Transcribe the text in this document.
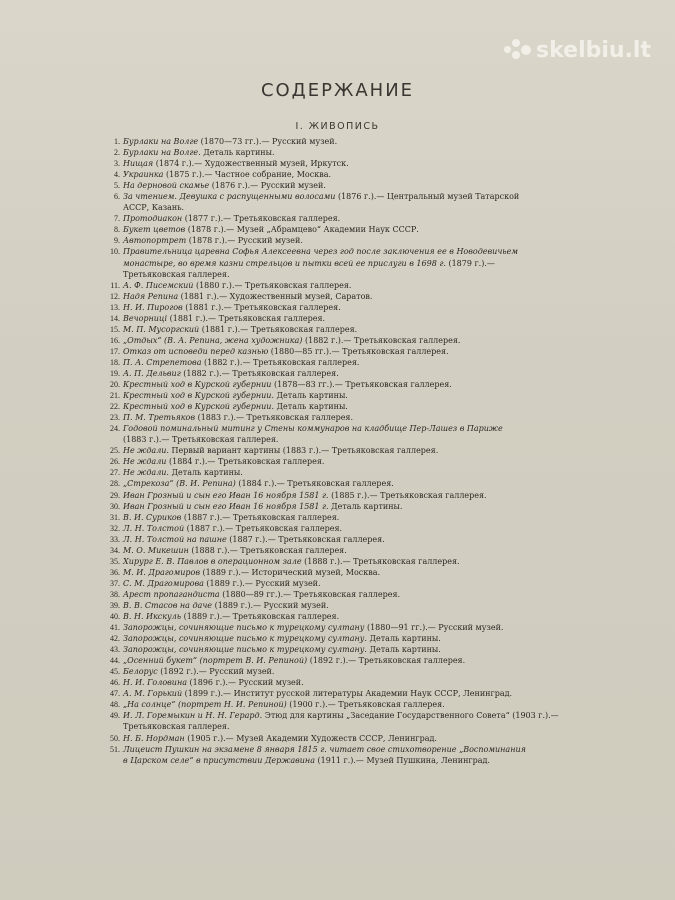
skelbiu.lt
СОДЕРЖАНИЕ
I. ЖИВОПИСЬ
1. Бурлаки на Волге (1870—73 гг.).— Русский музей.
2. Бурлаки на Волге. Деталь картины.
3. Нищая (1874 г.).— Художественный музей, Иркутск.
4. Украинка (1875 г.).— Частное собрание, Москва.
5. На дерновой скамье (1876 г.).— Русский музей.
6. За чтением. Девушка с распущенными волосами (1876 г.).— Центральный музей Татарской
АССР, Казань.
7. Протодиакон (1877 г.).— Третьяковская галлерея.
8. Букет цветов (1878 г.).— Музей „Абрамцево“ Академии Наук СССР.
9. Автопортрет (1878 г.).— Русский музей.
10. Правительница царевна Софья Алексеевна через год после заключения ее в Новодевичьем
монастыре, во время казни стрельцов и пытки всей ее прислуги в 1698 г. (1879 г.).—
Третьяковская галлерея.
11. А. Ф. Писемский (1880 г.).— Третьяковская галлерея.
12. Надя Репина (1881 г.).— Художественный музей, Саратов.
13. Н. И. Пирогов (1881 г.).— Третьяковская галлерея.
14. Вечорниці (1881 г.).— Третьяковская галлерея.
15. М. П. Мусоргский (1881 г.).— Третьяковская галлерея.
16. „Отдых“ (В. А. Репина, жена художника) (1882 г.).— Третьяковская галлерея.
17. Отказ от исповеди перед казнью (1880—85 гг.).— Третьяковская галлерея.
18. П. А. Стрепетова (1882 г.).— Третьяковская галлерея.
19. А. П. Дельвиг (1882 г.).— Третьяковская галлерея.
20. Крестный ход в Курской губернии (1878—83 гг.).— Третьяковская галлерея.
21. Крестный ход в Курской губернии. Деталь картины.
22. Крестный ход в Курской губернии. Деталь картины.
23. П. М. Третьяков (1883 г.).— Третьяковская галлерея.
24. Годовой поминальный митинг у Стены коммунаров на кладбище Пер-Лашез в Париже
(1883 г.).— Третьяковская галлерея.
25. Не ждали. Первый вариант картины (1883 г.).— Третьяковская галлерея.
26. Не ждали (1884 г.).— Третьяковская галлерея.
27. Не ждали. Деталь картины.
28. „Стрекоза“ (В. И. Репина) (1884 г.).— Третьяковская галлерея.
29. Иван Грозный и сын его Иван 16 ноября 1581 г. (1885 г.).— Третьяковская галлерея.
30. Иван Грозный и сын его Иван 16 ноября 1581 г. Деталь картины.
31. В. И. Суриков (1887 г.).— Третьяковская галлерея.
32. Л. Н. Толстой (1887 г.).— Третьяковская галлерея.
33. Л. Н. Толстой на пашне (1887 г.).— Третьяковская галлерея.
34. М. О. Микешин (1888 г.).— Третьяковская галлерея.
35. Хирург Е. В. Павлов в операционном зале (1888 г.).— Третьяковская галлерея.
36. М. И. Драгомиров (1889 г.).— Исторический музей, Москва.
37. С. М. Драгомирова (1889 г.).— Русский музей.
38. Арест пропагандиста (1880—89 гг.).— Третьяковская галлерея.
39. В. В. Стасов на даче (1889 г.).— Русский музей.
40. В. Н. Икскуль (1889 г.).— Третьяковская галлерея.
41. Запорожцы, сочиняющие письмо к турецкому султану (1880—91 гг.).— Русский музей.
42. Запорожцы, сочиняющие письмо к турецкому султану. Деталь картины.
43. Запорожцы, сочиняющие письмо к турецкому султану. Деталь картины.
44. „Осенний букет“ (портрет В. И. Репиной) (1892 г.).— Третьяковская галлерея.
45. Белорус (1892 г.).— Русский музей.
46. Н. И. Головина (1896 г.).— Русский музей.
47. А. М. Горький (1899 г.).— Институт русской литературы Академии Наук СССР, Ленинград.
48. „На солнце“ (портрет Н. И. Репиной) (1900 г.).— Третьяковская галлерея.
49. И. Л. Горемыкин и Н. Н. Герард. Этюд для картины „Заседание Государственного Совета“ (1903 г.).—
Третьяковская галлерея.
50. Н. Б. Нордман (1905 г.).— Музей Академии Художеств СССР, Ленинград.
51. Лицеист Пушкин на экзамене 8 января 1815 г. читает свое стихотворение „Воспоминания
в Царском селе“ в присутствии Державина (1911 г.).— Музей Пушкина, Ленинград.
